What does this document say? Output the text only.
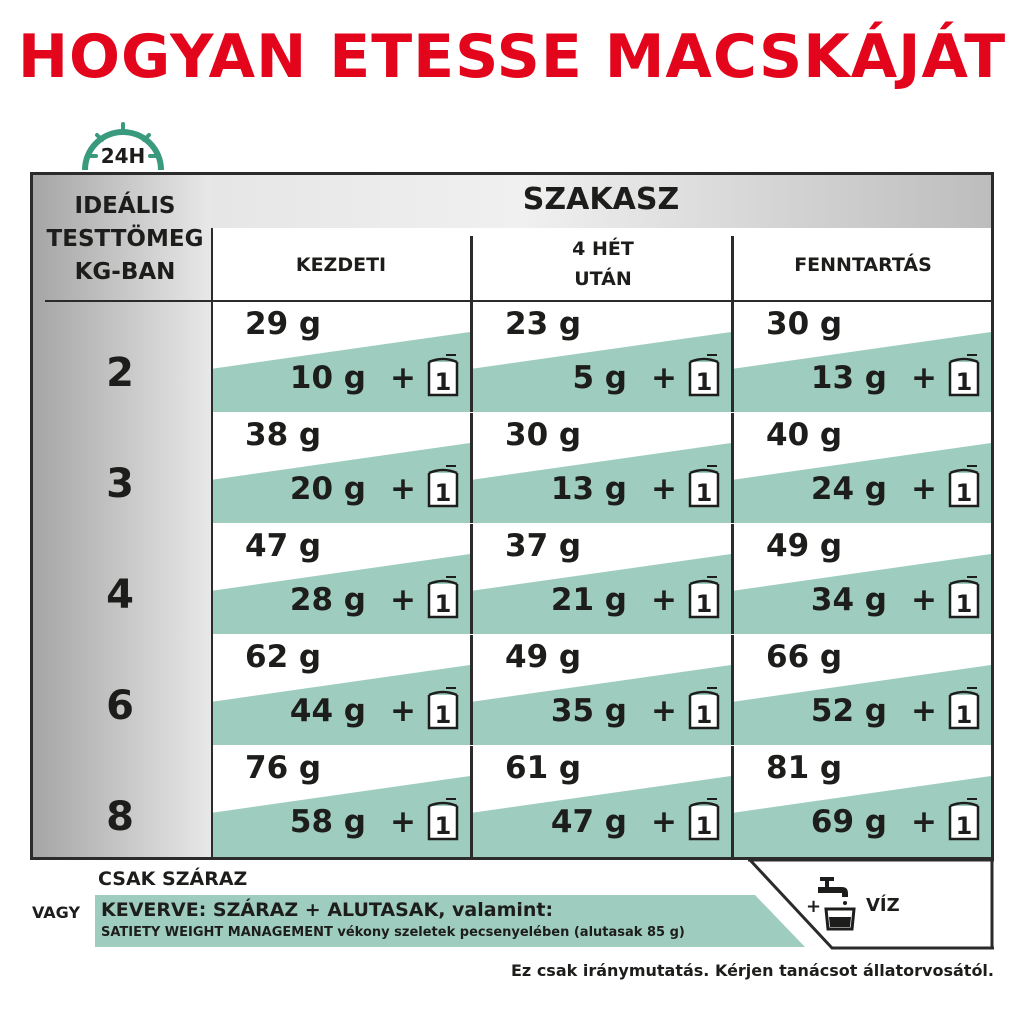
HOGYAN ETESSE MACSKÁJÁT
24H
IDEÁLIS
TESTTÖMEG
KG-BAN
SZAKASZ
KEZDETI
4 HÉT
UTÁN
FENNTARTÁS
2
29 g
10 g + 1
23 g
5 g + 1
30 g
13 g + 1
3
38 g
20 g + 1
30 g
13 g + 1
40 g
24 g + 1
4
47 g
28 g + 1
37 g
21 g + 1
49 g
34 g + 1
6
62 g
44 g + 1
49 g
35 g + 1
66 g
52 g + 1
8
76 g
58 g + 1
61 g
47 g + 1
81 g
69 g + 1
CSAK SZÁRAZ
VAGY KEVERVE: SZÁRAZ + ALUTASAK, valamint:
SATIETY WEIGHT MANAGEMENT vékony szeletek pecsenyelében (alutasak 85 g)
+ VÍZ
Ez csak iránymutatás. Kérjen tanácsot állatorvosától.
